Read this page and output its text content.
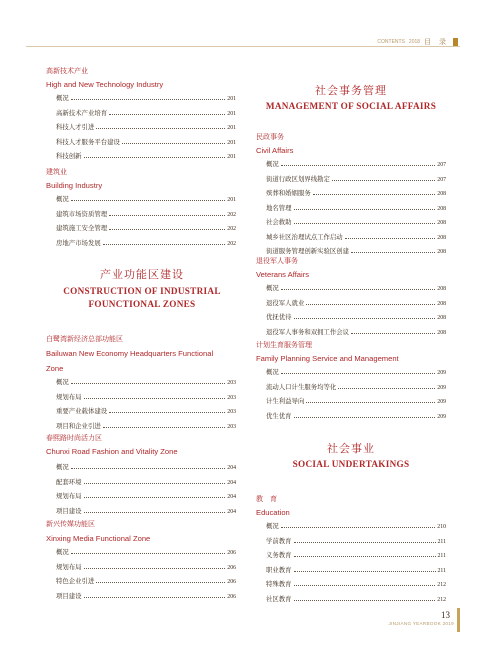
CONTENTS 2018 目 录
高新技术产业
High and New Technology Industry
建筑业
Building Industry
产业功能区建设
CONSTRUCTION OF INDUSTRIAL
FOUNCTIONAL ZONES
白鹭湾新经济总部功能区
Bailuwan New Economy Headquarters Functional
Zone
春熙路时尚活力区
Chunxi Road Fashion and Vitality Zone
新兴传媒功能区
Xinxing Media Functional Zone
概况	201
高新技术产业培育	201
科技人才引进	201
科技人才服务平台建设	201
科技创新	201
概况	201
建筑市场资质管理	202
建筑施工安全管理	202
房地产市场发展	202
概况	203
规划布局	203
重要产业载体建设	203
项目和企业引进	203
概况	204
配套环境	204
规划布局	204
项目建设	204
概况	206
规划布局	206
特色企业引进	206
项目建设	206
社会事务管理
MANAGEMENT OF SOCIAL AFFAIRS
民政事务
Civil Affairs
退役军人事务
Veterans Affairs
计划生育服务管理
Family Planning Service and Management
社会事业
SOCIAL UNDERTAKINGS
教　育
Education
概况	207
街道行政区划界线勘定	207
殡葬和婚姻服务	208
地名管理	208
社会救助	208
城乡社区治理试点工作启动	208
街道服务管理创新实验区创建	208
概况	208
退役军人就业	208
优抚优待	208
退役军人事务和双拥工作会议	208
概况	209
流动人口计生服务均等化	209
计生利益导向	209
优生优育	209
概况	210
学前教育	211
义务教育	211
职业教育	211
特殊教育	212
社区教育	212
13
JINJIANG YEARBOOK 2019
